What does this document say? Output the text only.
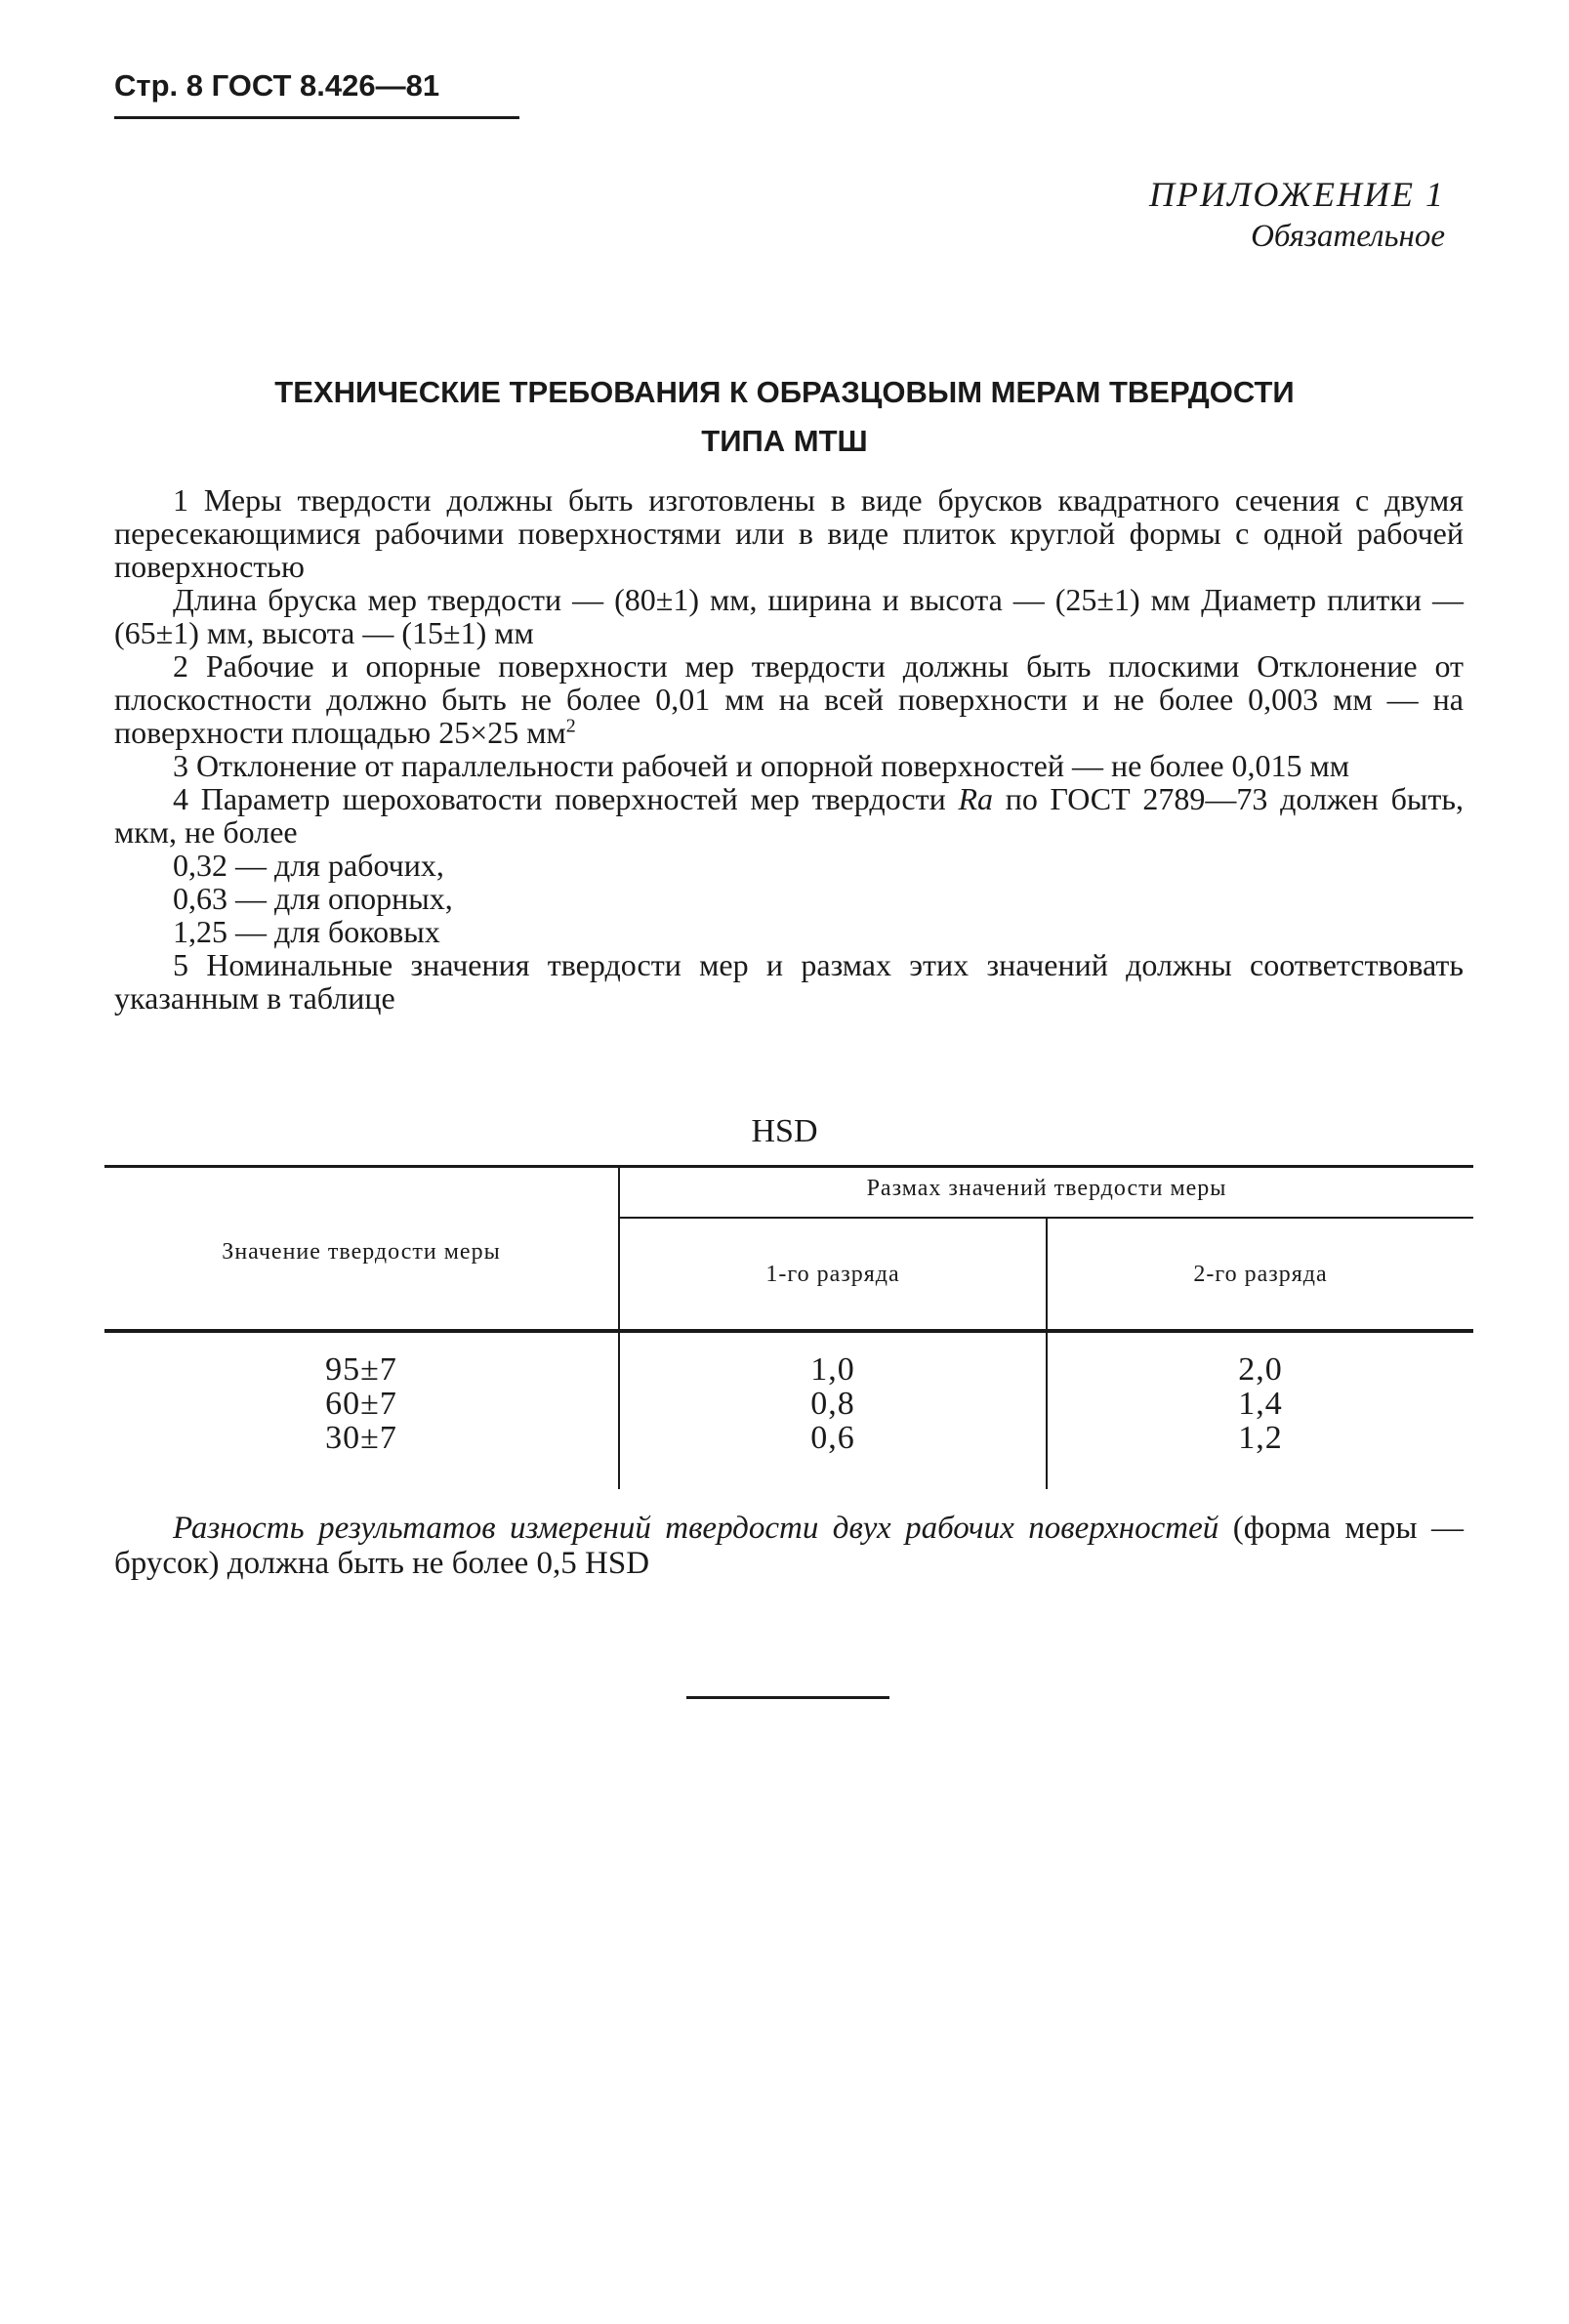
Стр. 8 ГОСТ 8.426—81
ПРИЛОЖЕНИЕ 1
Обязательное
ТЕХНИЧЕСКИЕ ТРЕБОВАНИЯ К ОБРАЗЦОВЫМ МЕРАМ ТВЕРДОСТИ
ТИПА МТШ
1 Меры твердости должны быть изготовлены в виде брусков квадратного сечения с двумя пересекающимися рабочими поверхностями или в виде плиток круглой формы с одной рабочей поверхностью
Длина бруска мер твердости — (80±1) мм, ширина и высота — (25±1) мм Диаметр плитки — (65±1) мм, высота — (15±1) мм
2 Рабочие и опорные поверхности мер твердости должны быть плоскими Отклонение от плоскостности должно быть не более 0,01 мм на всей поверхности и не более 0,003 мм — на поверхности площадью 25×25 $мм^2$
3 Отклонение от параллельности рабочей и опорной поверхностей — не более 0,015 мм
4 Параметр шероховатости поверхностей мер твердости Ra по ГОСТ 2789—73 должен быть, мкм, не более
0,32 — для рабочих,
0,63 — для опорных,
1,25 — для боковых
5 Номинальные значения твердости мер и размах этих значений должны соответствовать указанным в таблице
HSD
Значение твердости меры
Размах значений твердости меры
1-го разряда	2-го разряда
95±7	1,0	2,0
60±7	0,8	1,4
30±7	0,6	1,2
Разность результатов измерений твердости двух рабочих поверхностей (форма меры — брусок) должна быть не более 0,5 HSD
